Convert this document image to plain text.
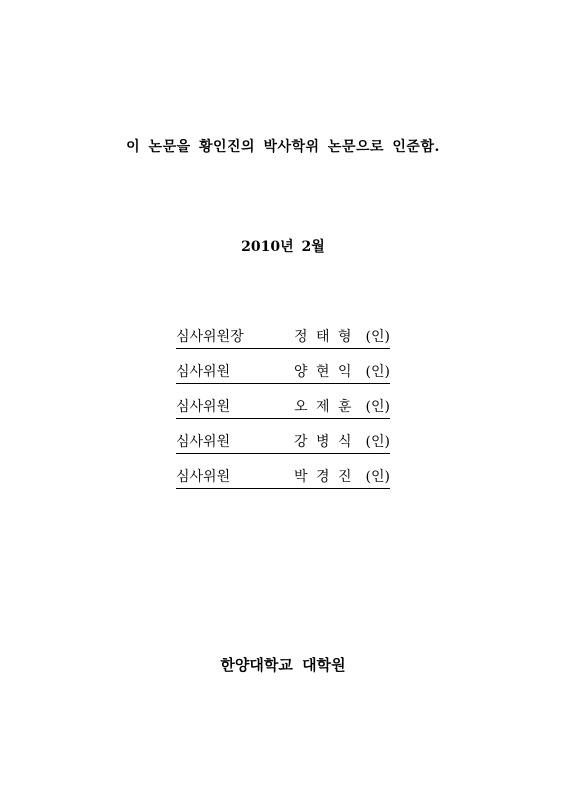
이 논문을 황인진의 박사학위 논문으로 인준함.
2010년 2월
심사위원장	정 태 형 (인)
심사위원	양 현 익 (인)
심사위원	오 제 훈 (인)
심사위원	강 병 식 (인)
심사위원	박 경 진 (인)
한양대학교 대학원
